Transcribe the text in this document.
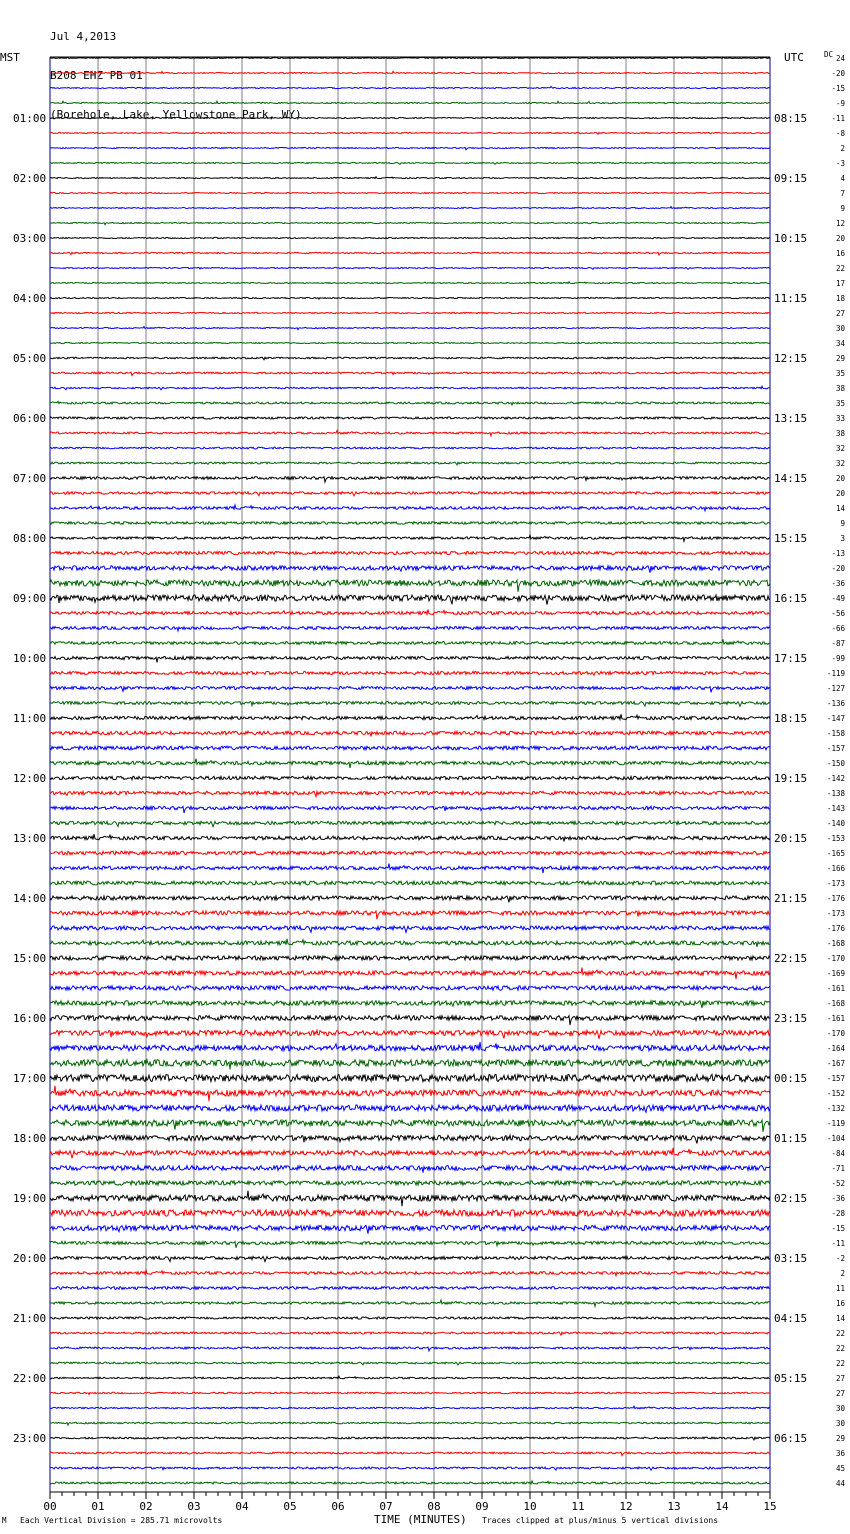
Jul 4,2013

B208 EHZ PB 01

(Borehole, Lake, Yellowstone Park, WY)

01:00
02:00
03:00
04:00
05:00
06:00
07:00
08:00
09:00
10:00
11:00
12:00
13:00
14:00
15:00
16:00
17:00
18:00
19:00
20:00
21:00
22:00
23:00
08:15
09:15
10:15
11:15
12:15
13:15
14:15
15:15
16:15
17:15
18:15
19:15
20:15
21:15
22:15
23:15
00:15
01:15
02:15
03:15
04:15
05:15
06:15
24
-20
-15
-9
-11
-8
2
-3
4
7
9
12
20
16
22
17
18
27
30
34
29
35
38
35
33
38
32
32
20
20
14
9
3
-13
-20
-36
-49
-56
-66
-87
-99
-119
-127
-136
-147
-158
-157
-150
-142
-138
-143
-140
-153
-165
-166
-173
-176
-173
-176
-168
-170
-169
-161
-168
-161
-170
-164
-167
-157
-152
-132
-119
-104
-84
-71
-52
-36
-28
-15
-11
-2
2
11
16
14
22
22
22
27
27
30
30
29
36
45
44
00	01	02	03	04	05	06	07	08	09	10	11	12	13	14	15
MST	UTC	DC
M Each Vertical Division = 285.71 microvolts	TIME (MINUTES) Traces clipped at plus/minus 5 vertical divisions
